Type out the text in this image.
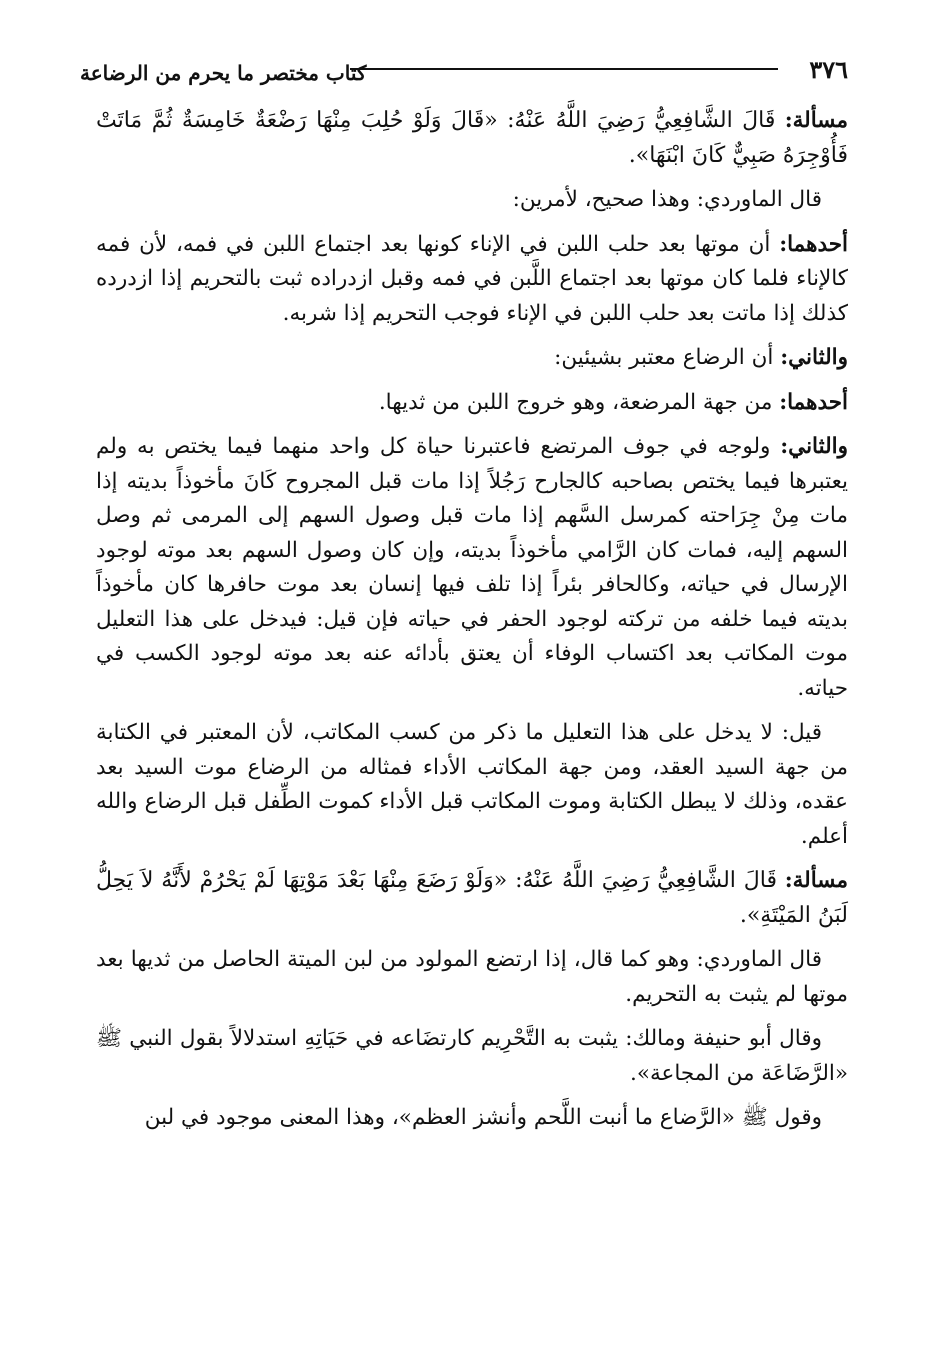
٣٧٦
كتاب مختصر ما يحرم من الرضاعة

مسألة: قَالَ الشَّافِعِيُّ رَضِيَ اللَّهُ عَنْهُ: «قَالَ وَلَوْ حُلِبَ مِنْهَا رَضْعَةٌ خَامِسَةٌ ثُمَّ مَاتَتْ فَأُوْجِرَهُ صَبِيٌّ كَانَ ابْنَهَا».

قال الماوردي: وهذا صحيح، لأمرين:

أحدهما: أن موتها بعد حلب اللبن في الإناء كونها بعد اجتماع اللبن في فمه، لأن فمه كالإناء فلما كان موتها بعد اجتماع اللَّبن في فمه وقبل ازدراده ثبت بالتحريم إذا ازدرده كذلك إذا ماتت بعد حلب اللبن في الإناء فوجب التحريم إذا شربه.

والثاني: أن الرضاع معتبر بشيئين:

أحدهما: من جهة المرضعة، وهو خروج اللبن من ثديها.

والثاني: ولوجه في جوف المرتضع فاعتبرنا حياة كل واحد منهما فيما يختص به ولم يعتبرها فيما يختص بصاحبه كالجارح رَجُلاً إذا مات قبل المجروح كَانَ مأخوذاً بديته إذا مات مِنْ جِرَاحته كمرسل السَّهم إذا مات قبل وصول السهم إلى المرمى ثم وصل السهم إليه، فمات كان الرَّامي مأخوذاً بديته، وإن كان وصول السهم بعد موته لوجود الإرسال في حياته، وكالحافر بئراً إذا تلف فيها إنسان بعد موت حافرها كان مأخوذاً بديته فيما خلفه من تركته لوجود الحفر في حياته فإن قيل: فيدخل على هذا التعليل موت المكاتب بعد اكتساب الوفاء أن يعتق بأدائه عنه بعد موته لوجود الكسب في حياته.

قيل: لا يدخل على هذا التعليل ما ذكر من كسب المكاتب، لأن المعتبر في الكتابة من جهة السيد العقد، ومن جهة المكاتب الأداء فمثاله من الرضاع موت السيد بعد عقده، وذلك لا يبطل الكتابة وموت المكاتب قبل الأداء كموت الطِّفل قبل الرضاع والله أعلم.

مسألة: قَالَ الشَّافِعِيُّ رَضِيَ اللَّهُ عَنْهُ: «وَلَوْ رَضَعَ مِنْهَا بَعْدَ مَوْتِهَا لَمْ يَحْرُمْ لأَنَّهُ لاَ يَحِلُّ لَبَنُ المَيْتَةِ».

قال الماوردي: وهو كما قال، إذا ارتضع المولود من لبن الميتة الحاصل من ثديها بعد موتها لم يثبت به التحريم.

وقال أبو حنيفة ومالك: يثبت به التَّحْرِيم كارتضَاعه في حَيَاتِهِ استدلالاً بقول النبي ﷺ «الرَّضَاعَة من المجاعة».

وقول ﷺ «الرَّضاع ما أنبت اللَّحم وأنشز العظم»، وهذا المعنى موجود في لبن
